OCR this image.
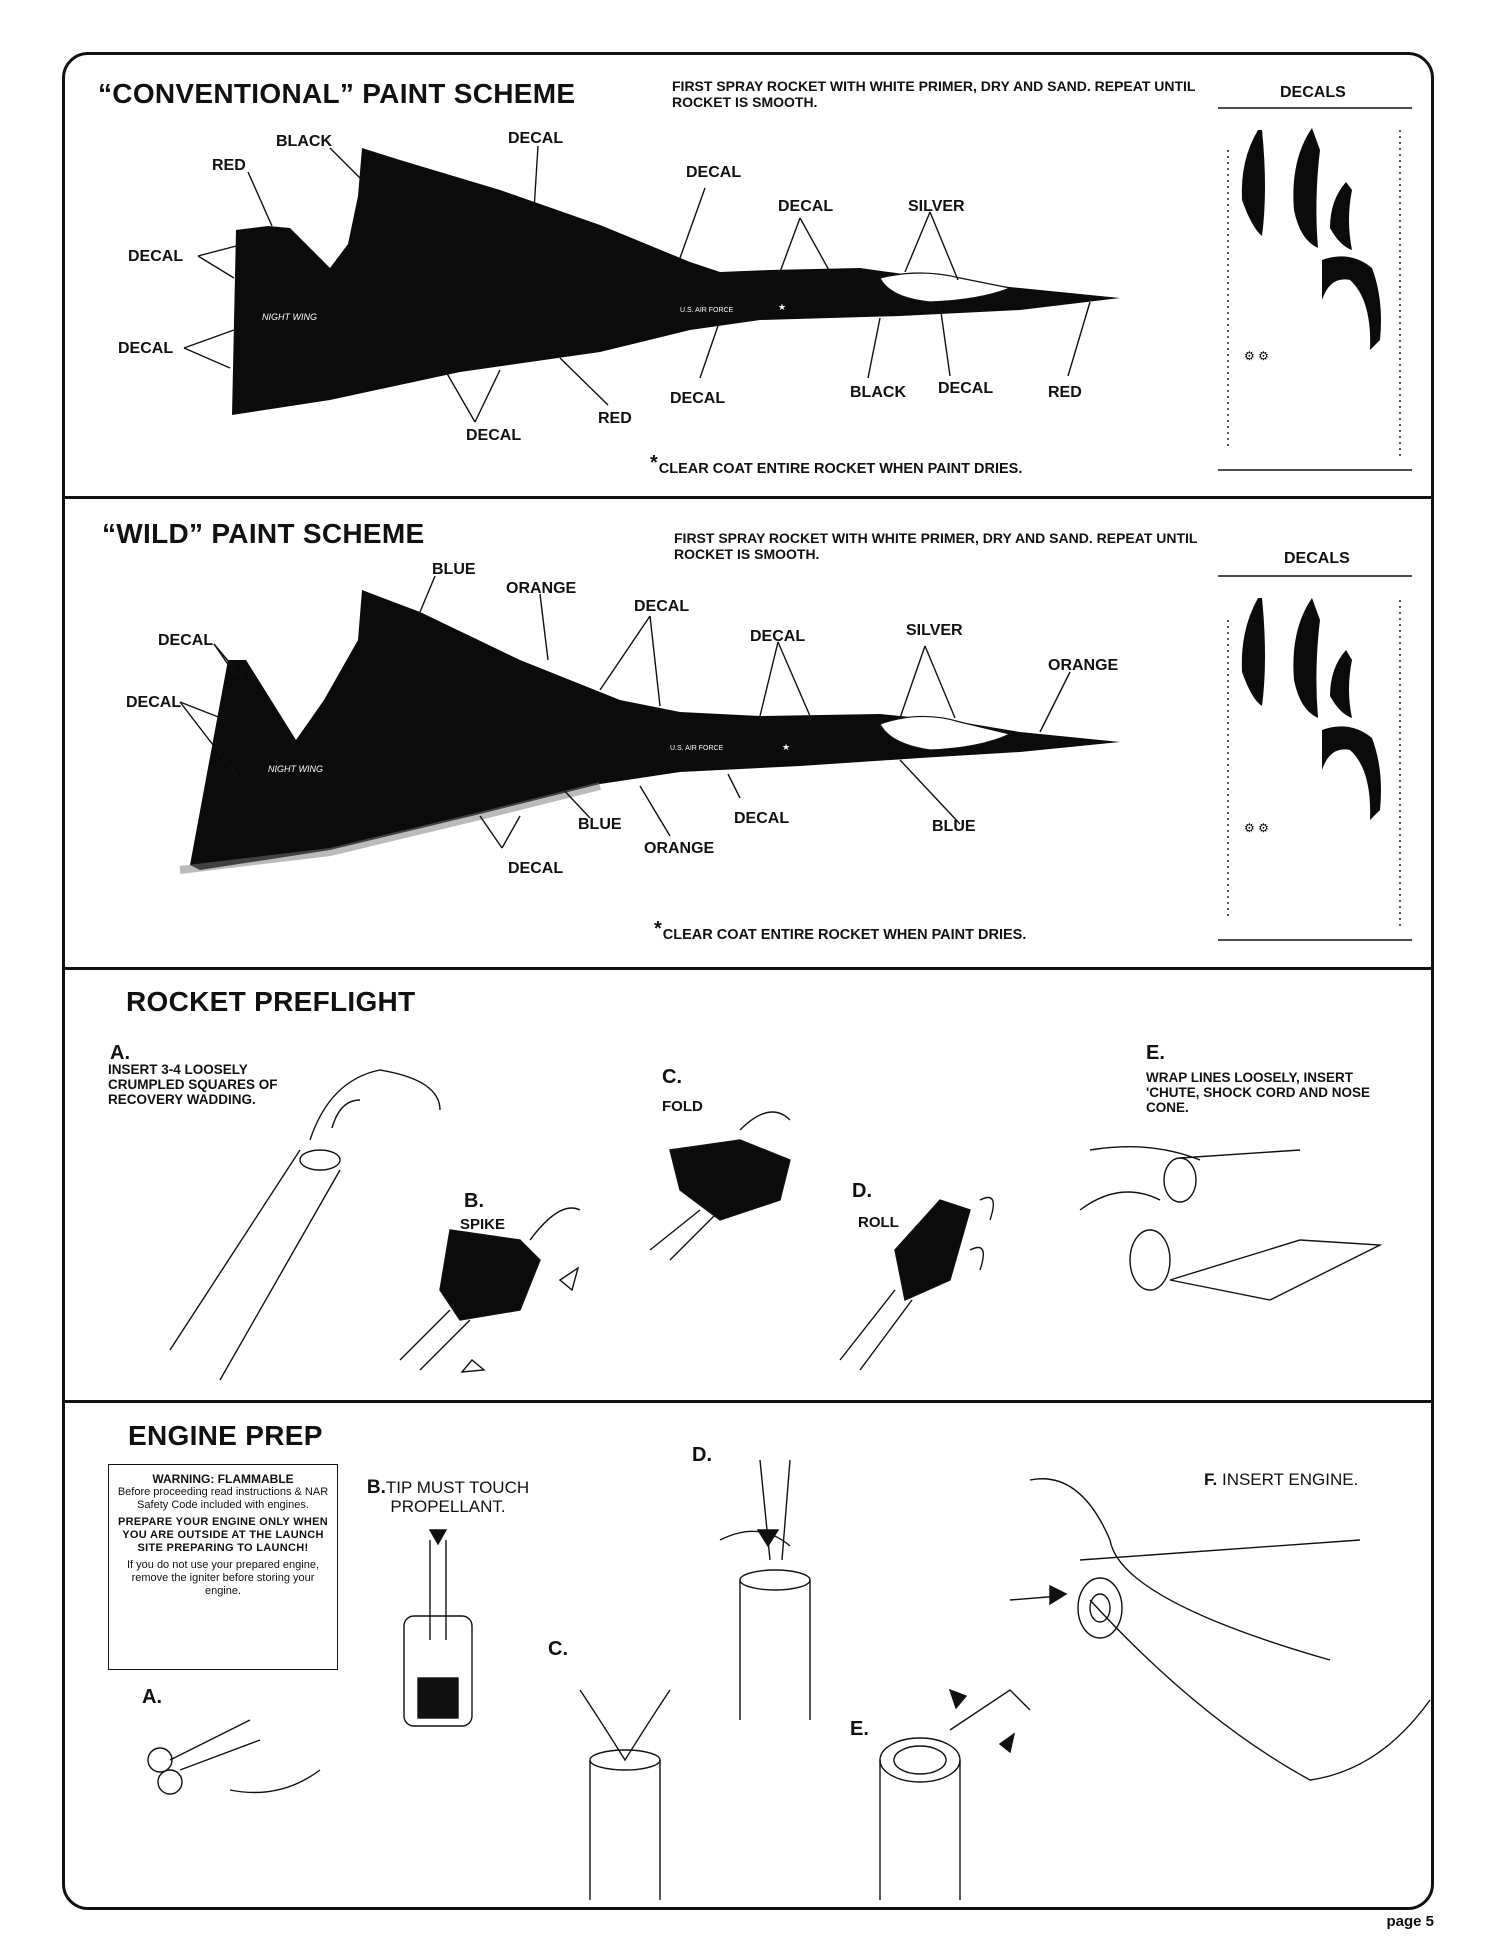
“CONVENTIONAL” PAINT SCHEME	FIRST SPRAY ROCKET WITH WHITE PRIMER, DRY AND SAND. REPEAT UNTIL ROCKET IS SMOOTH.
DECALS
NIGHT WING
U.S. AIR FORCE	★
⚙ ⚙
NIGHT WING
U.S. AIR FORCE	★
⚙ ⚙
BLACK
RED
DECAL
DECAL
DECAL	SILVER
DECAL
DECAL
DECAL
RED
DECAL	BLACK DECAL	RED
*CLEAR COAT ENTIRE ROCKET WHEN PAINT DRIES.
“WILD” PAINT SCHEME	FIRST SPRAY ROCKET WITH WHITE PRIMER, DRY AND SAND. REPEAT UNTIL ROCKET IS SMOOTH.	DECALS
BLUE
ORANGE
DECAL
DECAL	SILVER
ORANGE
DECAL
DECAL
BLUE
ORANGE
DECAL	BLUE
DECAL
*CLEAR COAT ENTIRE ROCKET WHEN PAINT DRIES.
ROCKET PREFLIGHT
A.
INSERT 3-4 LOOSELY CRUMPLED SQUARES OF RECOVERY WADDING.
B.
SPIKE
C.
FOLD
D.
ROLL
E.
WRAP LINES LOOSELY, INSERT 'CHUTE, SHOCK CORD AND NOSE CONE.
ENGINE PREP
WARNING: FLAMMABLE
Before proceeding read instructions & NAR Safety Code included with engines.
PREPARE YOUR ENGINE ONLY WHEN YOU ARE OUTSIDE AT THE LAUNCH SITE PREPARING TO LAUNCH!
If you do not use your prepared engine, remove the igniter before storing your engine.
A.
B.TIP MUST TOUCH PROPELLANT.
C.
D.
E.
F. INSERT ENGINE.
page 5
